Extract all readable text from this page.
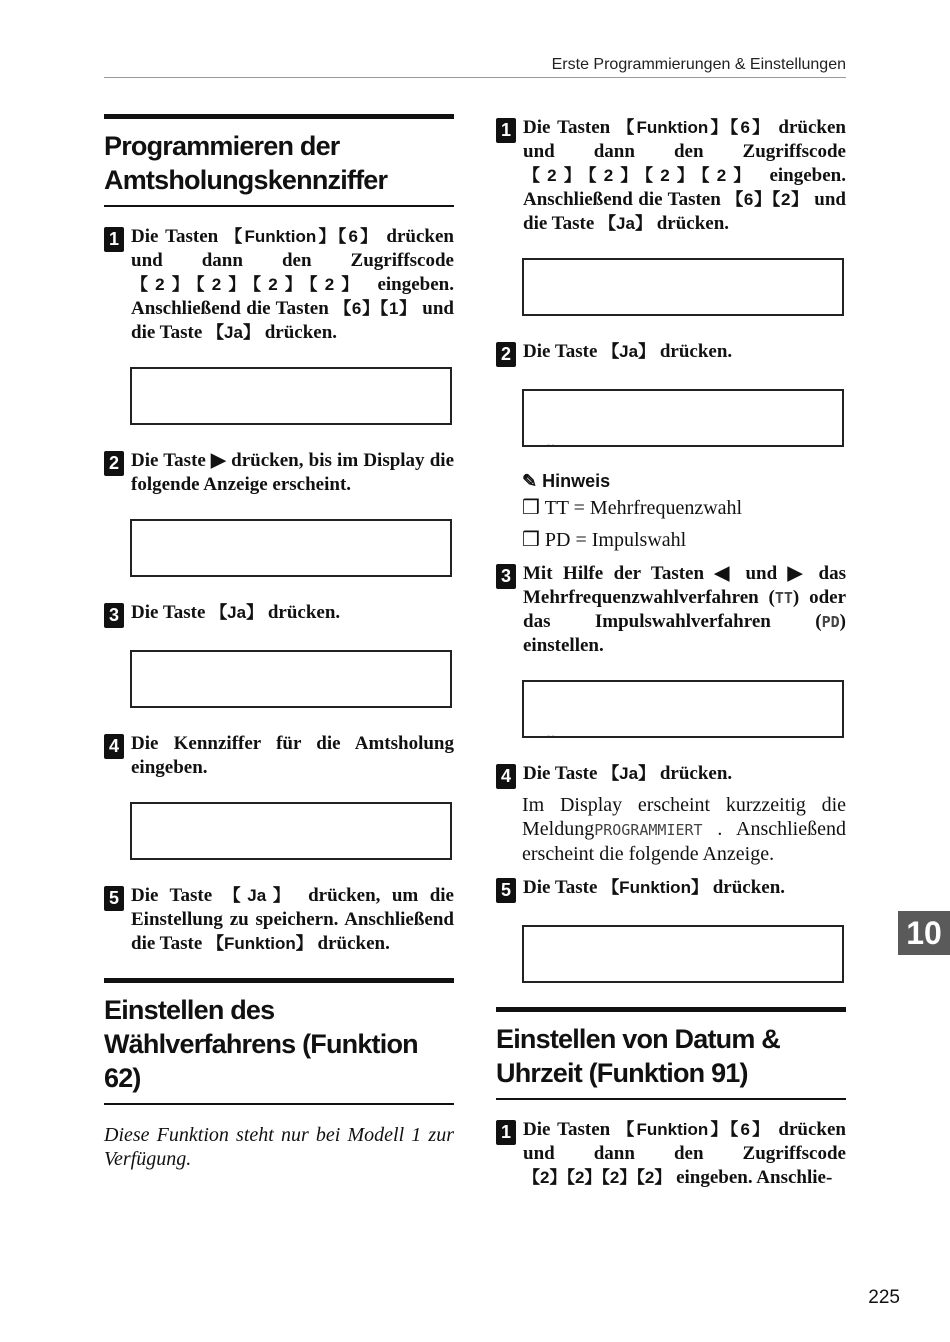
Erste Programmierungen & Einstellungen
Programmieren der Amtsholungskennziffer
1 Die Tasten 【Funktion】【6】 drücken und dann den Zugriffscode 【2】【2】【2】【2】 eingeben. Anschließend die Tasten 【6】【1】 und die Taste 【Ja】 drücken.

2 Die Taste ▶ drücken, bis im Display die folgende Anzeige erscheint.

3 Die Taste 【Ja】 drücken.

4 Die Kennziffer für die Amtsholung eingeben.

5 Die Taste 【Ja】 drücken, um die Einstellung zu speichern. Anschließend die Taste 【Funktion】 drücken.
Einstellen des Wählverfahrens (Funktion 62)
Diese Funktion steht nur bei Modell 1 zur Verfügung.
1 Die Tasten 【Funktion】【6】 drücken und dann den Zugriffscode 【2】【2】【2】【2】 eingeben. Anschließend die Tasten 【6】【2】 und die Taste 【Ja】 drücken.

2 Die Taste 【Ja】 drücken.

✎ Hinweis
❒ TT = Mehrfrequenzwahl
❒ PD = Impulswahl
3 Mit Hilfe der Tasten ◀ und ▶ das Mehrfrequenzwahlverfahren (TT) oder das Impulswahlverfahren (PD) einstellen.

4 Die Taste 【Ja】 drücken.
Im Display erscheint kurzzeitig die MeldungPROGRAMMIERT . Anschließend erscheint die folgende Anzeige.
5 Die Taste 【Funktion】 drücken.

Einstellen von Datum & Uhrzeit (Funktion 91)
1 Die Tasten 【Funktion】【6】 drücken und dann den Zugriffscode 【2】【2】【2】【2】 eingeben. Anschlie-
10
225
